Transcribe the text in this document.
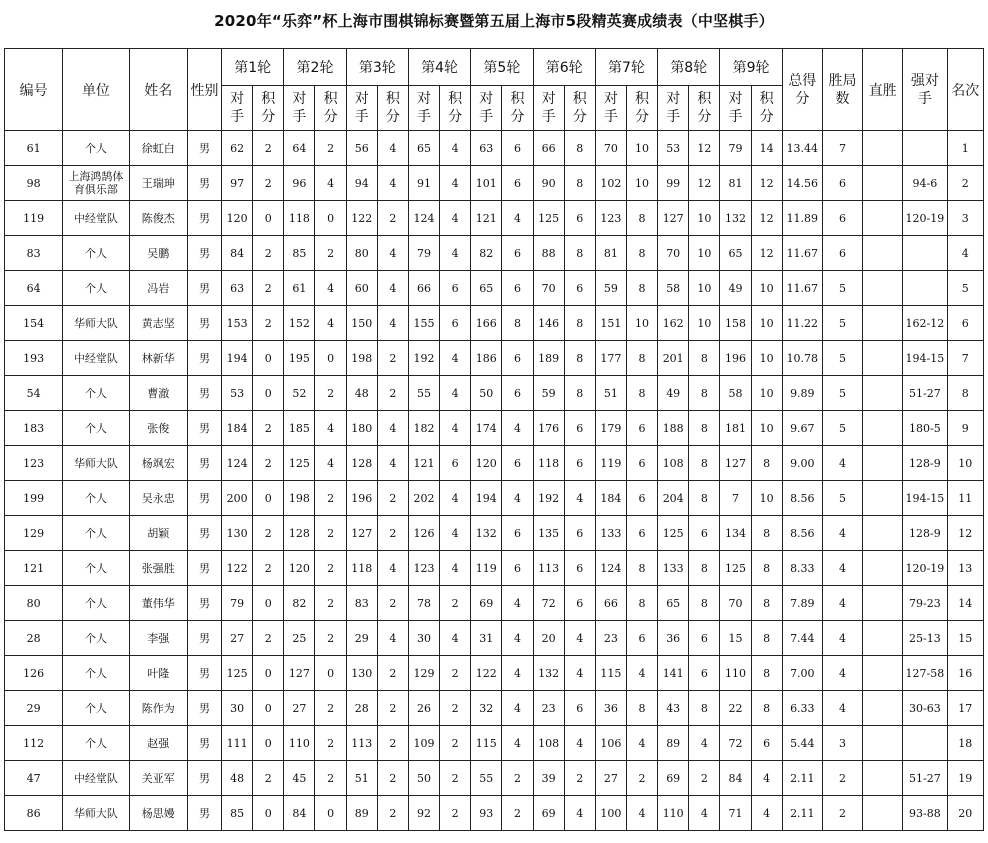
2020年“乐弈”杯上海市围棋锦标赛暨第五届上海市5段精英赛成绩表（中坚棋手）
编号	单位	姓名	性别	第1轮		第2轮		第3轮		第4轮		第5轮		第6轮		第7轮		第8轮		第9轮		总得分	胜局数	直胜	强对手	名次
				对手	积分	对手	积分	对手	积分	对手	积分	对手	积分	对手	积分	对手	积分	对手	积分	对手	积分					
61	个人	徐虹白	男	62	2	64	2	56	4	65	4	63	6	66	8	70	10	53	12	79	14	13.44	7			1
98	上海鸿鹄体育俱乐部	王瑞珅	男	97	2	96	4	94	4	91	4	101	6	90	8	102	10	99	12	81	12	14.56	6		94-6	2
119	中经堂队	陈俊杰	男	120	0	118	0	122	2	124	4	121	4	125	6	123	8	127	10	132	12	11.89	6		120-19	3
83	个人	吴鹏	男	84	2	85	2	80	4	79	4	82	6	88	8	81	8	70	10	65	12	11.67	6			4
64	个人	冯岩	男	63	2	61	4	60	4	66	6	65	6	70	6	59	8	58	10	49	10	11.67	5			5
154	华师大队	黄志坚	男	153	2	152	4	150	4	155	6	166	8	146	8	151	10	162	10	158	10	11.22	5		162-12	6
193	中经堂队	林新华	男	194	0	195	0	198	2	192	4	186	6	189	8	177	8	201	8	196	10	10.78	5		194-15	7
54	个人	曹澈	男	53	0	52	2	48	2	55	4	50	6	59	8	51	8	49	8	58	10	9.89	5		51-27	8
183	个人	张俊	男	184	2	185	4	180	4	182	4	174	4	176	6	179	6	188	8	181	10	9.67	5		180-5	9
123	华师大队	杨飒宏	男	124	2	125	4	128	4	121	6	120	6	118	6	119	6	108	8	127	8	9.00	4		128-9	10
199	个人	吴永忠	男	200	0	198	2	196	2	202	4	194	4	192	4	184	6	204	8	7	10	8.56	5		194-15	11
129	个人	胡颖	男	130	2	128	2	127	2	126	4	132	6	135	6	133	6	125	6	134	8	8.56	4		128-9	12
121	个人	张强胜	男	122	2	120	2	118	4	123	4	119	6	113	6	124	8	133	8	125	8	8.33	4		120-19	13
80	个人	董伟华	男	79	0	82	2	83	2	78	2	69	4	72	6	66	8	65	8	70	8	7.89	4		79-23	14
28	个人	李强	男	27	2	25	2	29	4	30	4	31	4	20	4	23	6	36	6	15	8	7.44	4		25-13	15
126	个人	叶隆	男	125	0	127	0	130	2	129	2	122	4	132	4	115	4	141	6	110	8	7.00	4		127-58	16
29	个人	陈作为	男	30	0	27	2	28	2	26	2	32	4	23	6	36	8	43	8	22	8	6.33	4		30-63	17
112	个人	赵强	男	111	0	110	2	113	2	109	2	115	4	108	4	106	4	89	4	72	6	5.44	3			18
47	中经堂队	关亚军	男	48	2	45	2	51	2	50	2	55	2	39	2	27	2	69	2	84	4	2.11	2		51-27	19
86	华师大队	杨思嫚	男	85	0	84	0	89	2	92	2	93	2	69	4	100	4	110	4	71	4	2.11	2		93-88	20
